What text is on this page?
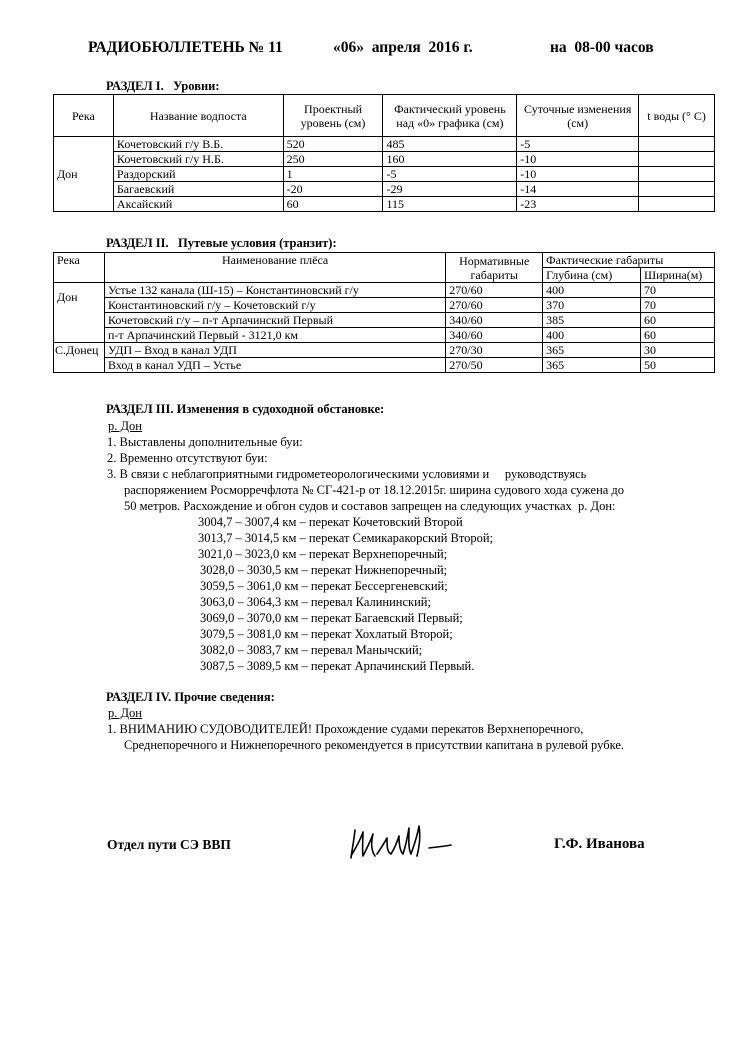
РАДИОБЮЛЛЕТЕНЬ № 11	«06»  апреля  2016 г.	на  08-00 часов
РАЗДЕЛ I.   Уровни:
Река	Название водпоста	Проектный уровень (см)	Фактический уровень над «0» графика (см)	Суточные изменения (см)	t воды (° С)
Дон	Кочетовский г/у В.Б.	520	485	-5	
	Кочетовский г/у Н.Б.	250	160	-10	
	Раздорский	1	-5	-10	
	Багаевский	-20	-29	-14	
	Аксайский	60	115	-23	
РАЗДЕЛ II.   Путевые условия (транзит):
Река	Наименование плёса	Нормативные габариты	Фактические габариты	
			Глубина (см)	Ширина(м)
Дон	Устье 132 канала (Ш-15) – Константиновский г/у	270/60	400	70
	Константиновский г/у – Кочетовский г/у	270/60	370	70
	Кочетовский г/у – п-т Арпачинский Первый	340/60	385	60
	п-т Арпачинский Первый - 3121,0 км	340/60	400	60
С.Донец	УДП – Вход в канал УДП	270/30	365	30
	Вход в канал УДП – Устье	270/50	365	50
РАЗДЕЛ III. Изменения в судоходной обстановке:
р. Дон
1. Выставлены дополнительные буи:
2. Временно отсутствуют буи:
3. В связи с неблагоприятными гидрометеорологическими условиями и     руководствуясь
распоряжением Росморречфлота № СГ-421-р от 18.12.2015г. ширина судового хода сужена до
50 метров. Расхождение и обгон судов и составов запрещен на следующих участках  р. Дон:
3004,7 – 3007,4 км – перекат Кочетовский Второй
3013,7 – 3014,5 км – перекат Семикаракорский Второй;
3021,0 – 3023,0 км – перекат Верхнепоречный;
3028,0 – 3030,5 км – перекат Нижнепоречный;
3059,5 – 3061,0 км – перекат Бессергеневский;
3063,0 – 3064,3 км – перевал Калининский;
3069,0 – 3070,0 км – перекат Багаевский Первый;
3079,5 – 3081,0 км – перекат Хохлатый Второй;
3082,0 – 3083,7 км – перевал Манычский;
3087,5 – 3089,5 км – перекат Арпачинский Первый.
РАЗДЕЛ IV. Прочие сведения:
р. Дон
1. ВНИМАНИЮ СУДОВОДИТЕЛЕЙ! Прохождение судами перекатов Верхнепоречного,
Среднепоречного и Нижнепоречного рекомендуется в присутствии капитана в рулевой рубке.
Отдел пути СЭ ВВП	Г.Ф. Иванова
